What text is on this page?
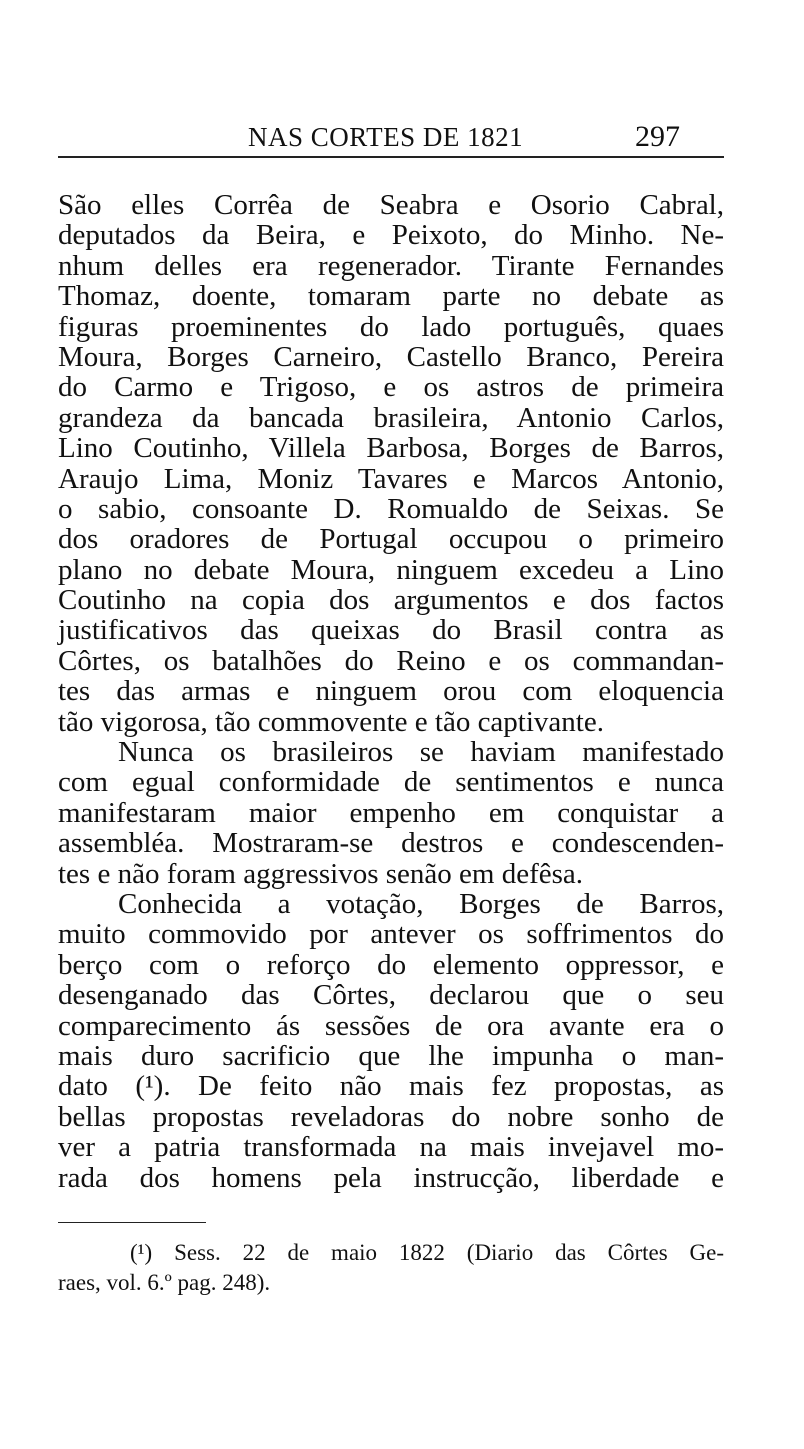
NAS CORTES DE 1821	297
São elles Corrêa de Seabra e Osorio Cabral,
deputados da Beira, e Peixoto, do Minho. Ne-
nhum delles era regenerador. Tirante Fernandes
Thomaz, doente, tomaram parte no debate as
figuras proeminentes do lado português, quaes
Moura, Borges Carneiro, Castello Branco, Pereira
do Carmo e Trigoso, e os astros de primeira
grandeza da bancada brasileira, Antonio Carlos,
Lino Coutinho, Villela Barbosa, Borges de Barros,
Araujo Lima, Moniz Tavares e Marcos Antonio,
o sabio, consoante D. Romualdo de Seixas. Se
dos oradores de Portugal occupou o primeiro
plano no debate Moura, ninguem excedeu a Lino
Coutinho na copia dos argumentos e dos factos
justificativos das queixas do Brasil contra as
Côrtes, os batalhões do Reino e os commandan-
tes das armas e ninguem orou com eloquencia
tão vigorosa, tão commovente e tão captivante.
Nunca os brasileiros se haviam manifestado
com egual conformidade de sentimentos e nunca
manifestaram maior empenho em conquistar a
assembléa. Mostraram-se destros e condescenden-
tes e não foram aggressivos senão em defêsa.
Conhecida a votação, Borges de Barros,
muito commovido por antever os soffrimentos do
berço com o reforço do elemento oppressor, e
desenganado das Côrtes, declarou que o seu
comparecimento ás sessões de ora avante era o
mais duro sacrificio que lhe impunha o man-
dato (¹). De feito não mais fez propostas, as
bellas propostas reveladoras do nobre sonho de
ver a patria transformada na mais invejavel mo-
rada dos homens pela instrucção, liberdade e
(¹) Sess. 22 de maio 1822 (Diario das Côrtes Ge-
raes, vol. 6.º pag. 248).
